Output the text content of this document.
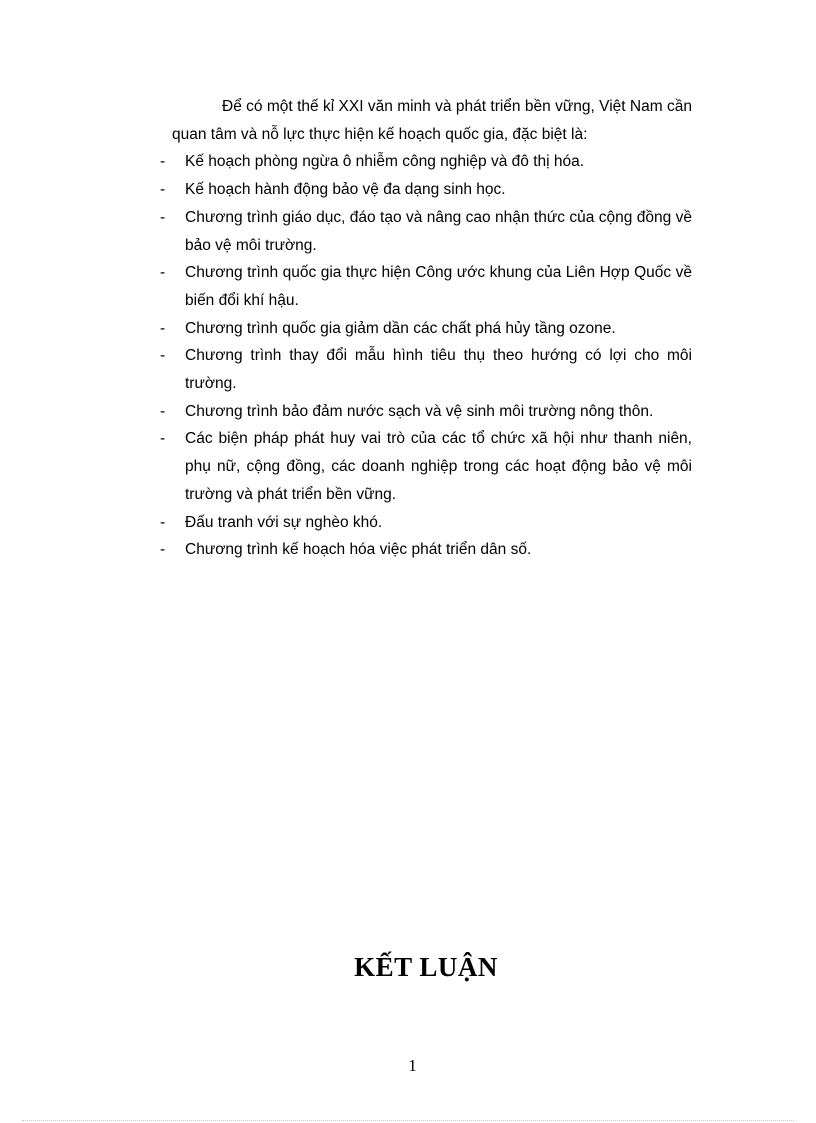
Để có một thế kỉ XXI văn minh và phát triển bền vững, Việt Nam cần quan tâm và nỗ lực thực hiện kế hoạch quốc gia, đặc biệt là:

-	Kế hoạch phòng ngừa ô nhiễm công nghiệp và đô thị hóa.
-	Kế hoạch hành động bảo vệ đa dạng sinh học.
-	Chương trình giáo dục, đáo tạo và nâng cao nhận thức của cộng đồng về bảo vệ môi trường.
-	Chương trình quốc gia thực hiện Công ước khung của Liên Hợp Quốc về biến đổi khí hậu.
-	Chương trình quốc gia giảm dần các chất phá hủy tầng ozone.
-	Chương trình thay đổi mẫu hình tiêu thụ theo hướng có lợi cho môi trường.
-	Chương trình bảo đảm nước sạch và vệ sinh môi trường nông thôn.
-	Các biện pháp phát huy vai trò của các tổ chức xã hội như thanh niên, phụ nữ, cộng đồng, các doanh nghiệp trong các hoạt động bảo vệ môi trường và phát triển bền vững.
-	Đấu tranh với sự nghèo khó.
-	Chương trình kế hoạch hóa việc phát triển dân số.
KẾT LUẬN
1
